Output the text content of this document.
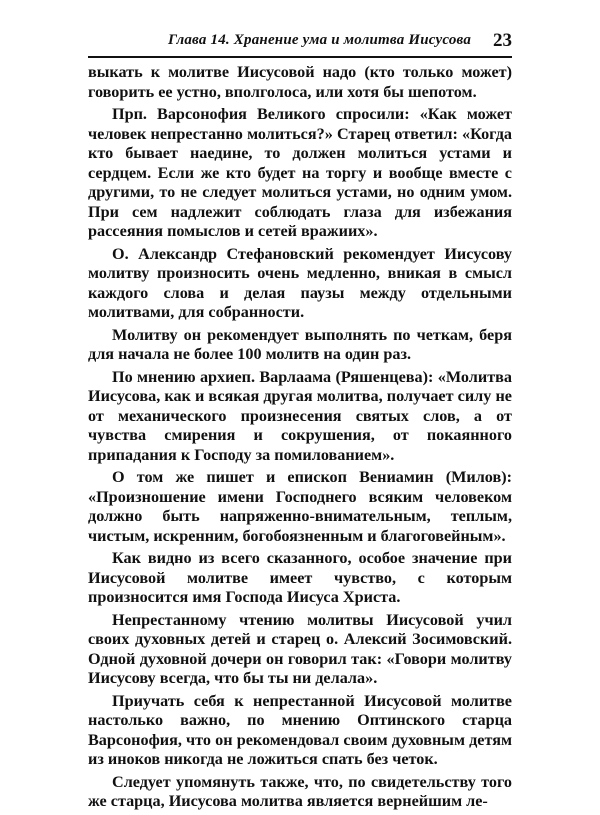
Глава 14. Хранение ума и молитва Иисусова 23

выкать к молитве Иисусовой надо (кто только может) говорить ее устно, вполголоса, или хотя бы шепотом.

Прп. Варсонофия Великого спросили: «Как может человек непрестанно молиться?» Старец ответил: «Когда кто бывает наедине, то должен молиться устами и сердцем. Если же кто будет на торгу и вообще вместе с другими, то не следует молиться устами, но одним умом. При сем надлежит соблюдать глаза для избежания рассеяния помыслов и сетей вражиих».

О. Александр Стефановский рекомендует Иисусову молитву произносить очень медленно, вникая в смысл каждого слова и делая паузы между отдельными молитвами, для собранности.

Молитву он рекомендует выполнять по четкам, беря для начала не более 100 молитв на один раз.

По мнению архиеп. Варлаама (Ряшенцева): «Молитва Иисусова, как и всякая другая молитва, получает силу не от механического произнесения святых слов, а от чувства смирения и сокрушения, от покаянного припадания к Господу за помилованием».

О том же пишет и епископ Вениамин (Милов): «Произношение имени Господнего всяким человеком должно быть напряженно-внимательным, теплым, чистым, искренним, богобоязненным и благоговейным».

Как видно из всего сказанного, особое значение при Иисусовой молитве имеет чувство, с которым произносится имя Господа Иисуса Христа.

Непрестанному чтению молитвы Иисусовой учил своих духовных детей и старец о. Алексий Зосимовский. Одной духовной дочери он говорил так: «Говори молитву Иисусову всегда, что бы ты ни делала».

Приучать себя к непрестанной Иисусовой молитве настолько важно, по мнению Оптинского старца Варсонофия, что он рекомендовал своим духовным детям из иноков никогда не ложиться спать без четок.

Следует упомянуть также, что, по свидетельству того же старца, Иисусова молитва является вернейшим ле-
